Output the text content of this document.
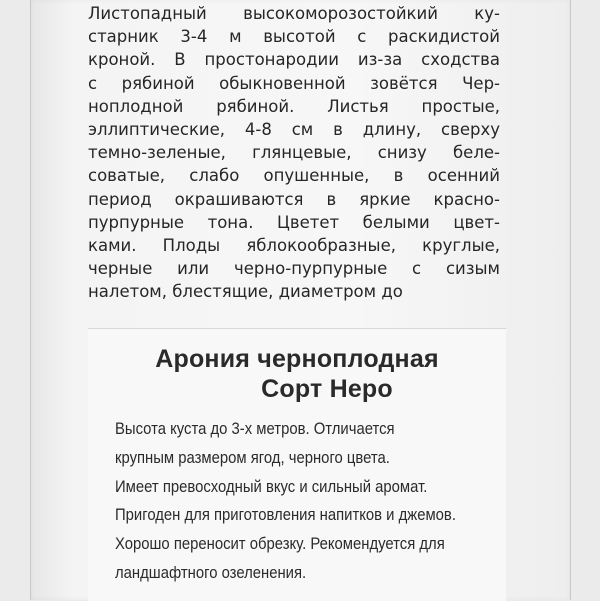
Листопадный высокоморозостойкий ку-
старник 3-4 м высотой с раскидистой
кроной. В простонародии из-за сходства
с рябиной обыкновенной зовётся Чер-
ноплодной рябиной. Листья простые,
эллиптические, 4-8 см в длину, сверху
темно-зеленые, глянцевые, снизу беле-
соватые, слабо опушенные, в осенний
период окрашиваются в яркие красно-
пурпурные тона. Цветет белыми цвет-
ками. Плоды яблокообразные, круглые,
черные или черно-пурпурные с сизым
налетом, блестящие, диаметром до
Арония черноплодная
Сорт Неро
Высота куста до 3-х метров. Отличается
крупным размером ягод, черного цвета.
Имеет превосходный вкус и сильный аромат.
Пригоден для приготовления напитков и джемов.
Хорошо переносит обрезку. Рекомендуется для
ландшафтного озеленения.
